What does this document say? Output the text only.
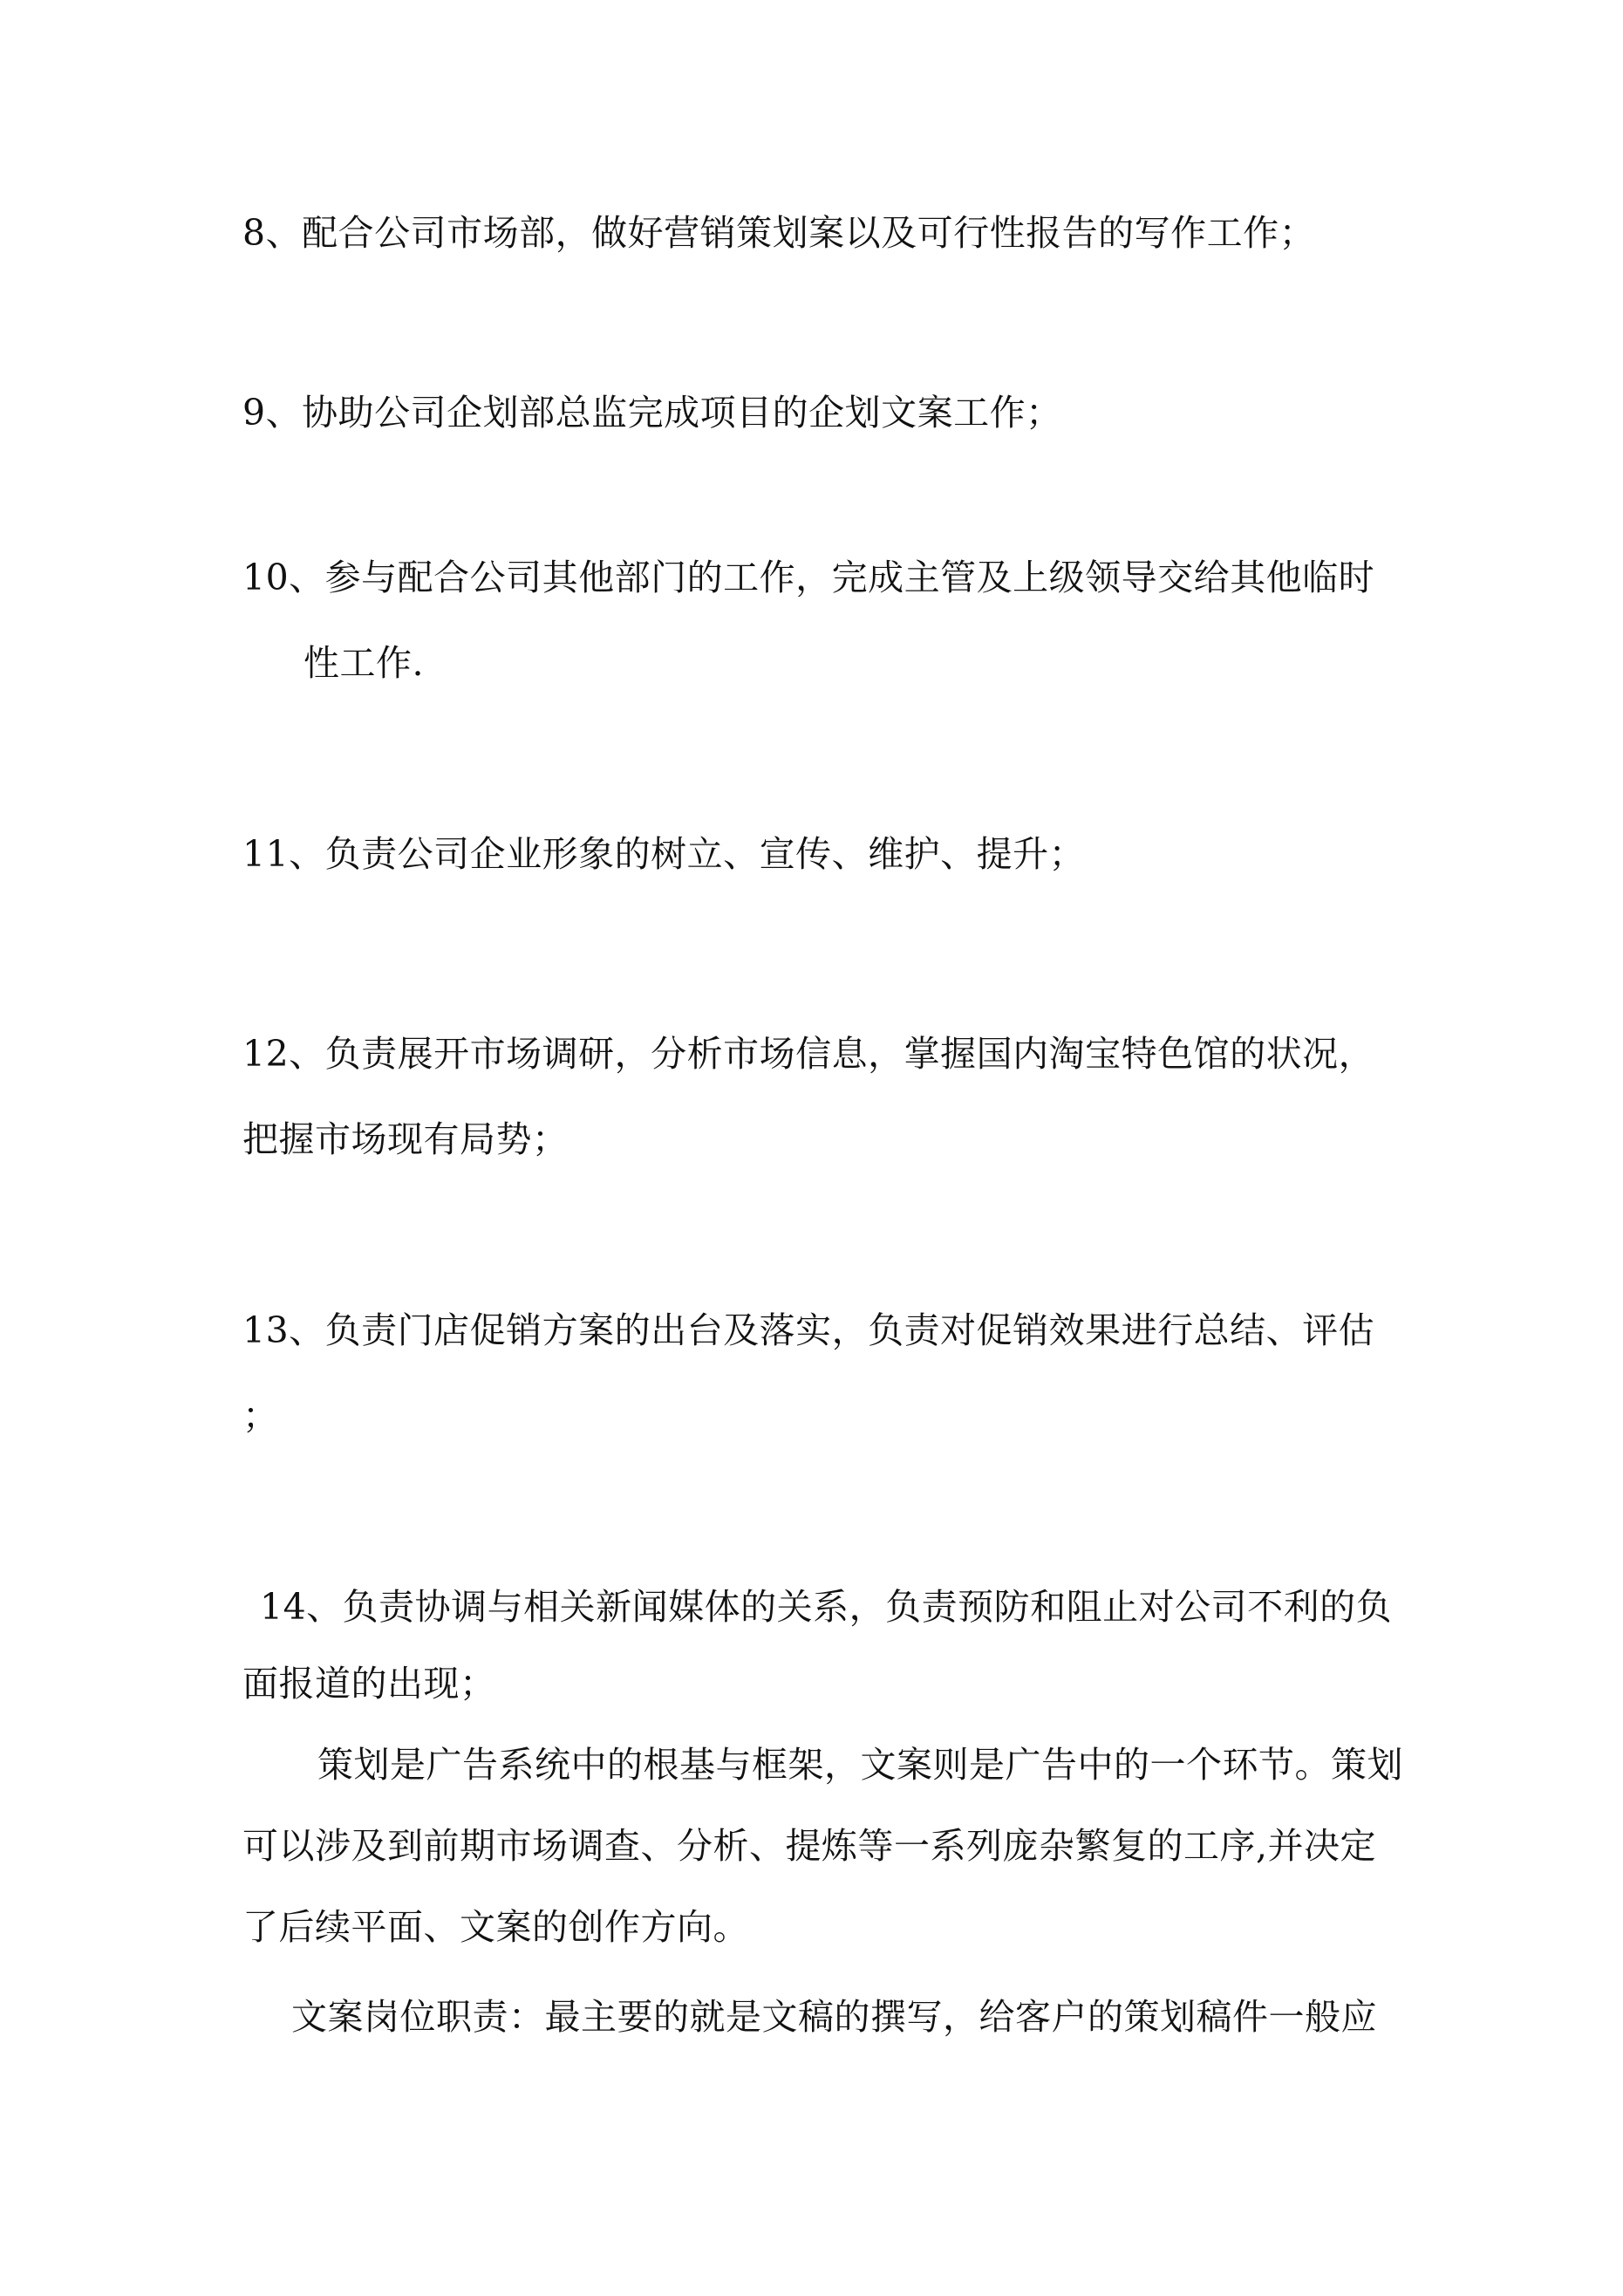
8、配合公司市场部，做好营销策划案以及可行性报告的写作工作；
9、协助公司企划部总监完成项目的企划文案工作；
10、参与配合公司其他部门的工作，完成主管及上级领导交给其他临时
性工作.
11、负责公司企业形象的树立、宣传、维护、提升；
12、负责展开市场调研，分析市场信息，掌握国内淘宝特色馆的状况，
把握市场现有局势；
13、负责门店促销方案的出台及落实，负责对促销效果进行总结、评估
；
14、负责协调与相关新闻媒体的关系，负责预防和阻止对公司不利的负
面报道的出现；
策划是广告系统中的根基与框架，文案则是广告中的一个环节。策划
可以涉及到前期市场调查、分析、提炼等一系列庞杂繁复的工序,并决定
了后续平面、文案的创作方向。
文案岗位职责：最主要的就是文稿的撰写，给客户的策划稿件一般应
